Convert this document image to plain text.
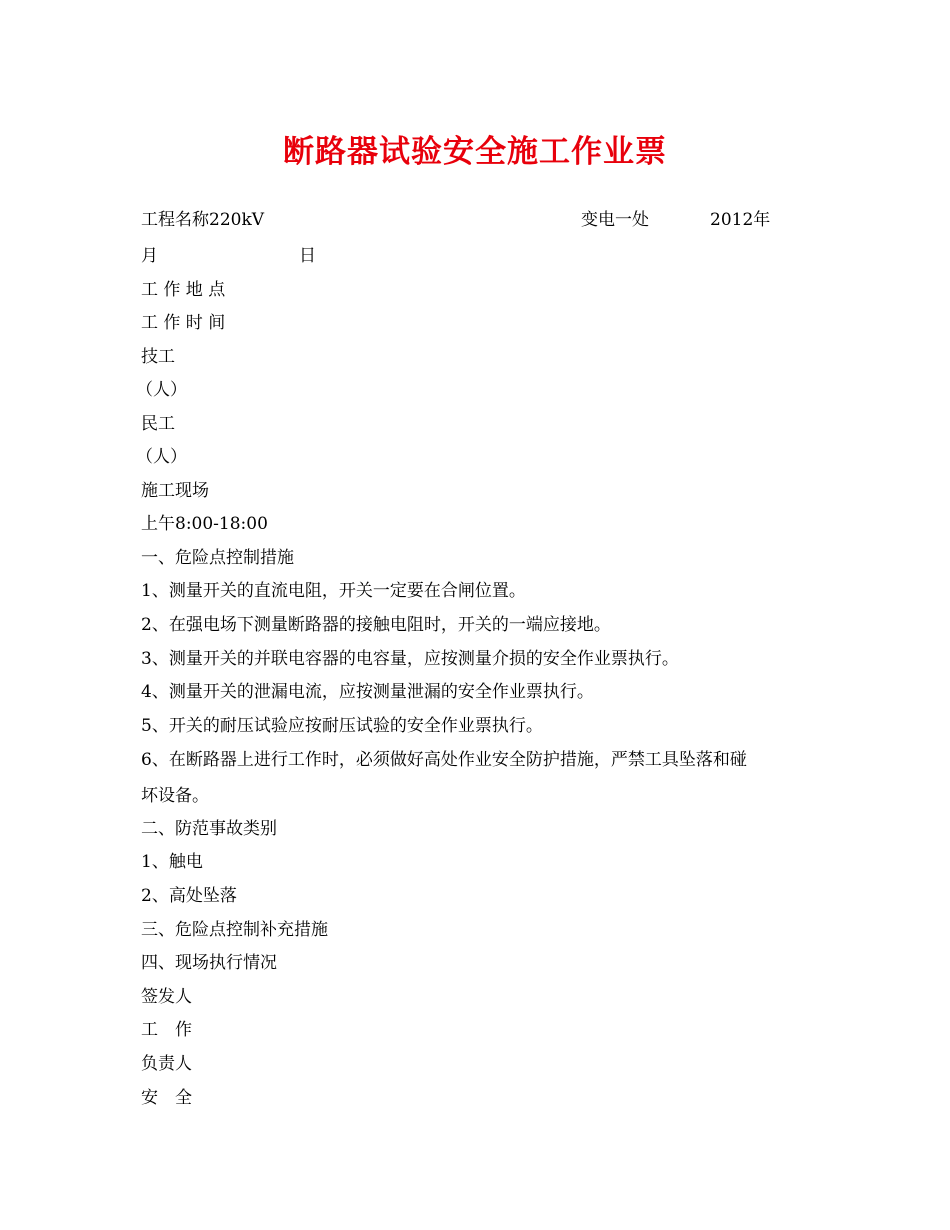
断路器试验安全施工作业票
工程名称220kV	变电一处	2012年
月	日
工 作 地 点
工 作 时 间
技工
（人）
民工
（人）
施工现场
上午8:00-18:00
一、危险点控制措施
1、测量开关的直流电阻，开关一定要在合闸位置。
2、在强电场下测量断路器的接触电阻时，开关的一端应接地。
3、测量开关的并联电容器的电容量，应按测量介损的安全作业票执行。
4、测量开关的泄漏电流，应按测量泄漏的安全作业票执行。
5、开关的耐压试验应按耐压试验的安全作业票执行。
6、在断路器上进行工作时，必须做好高处作业安全防护措施，严禁工具坠落和碰
坏设备。
二、防范事故类别
1、触电
2、高处坠落
三、危险点控制补充措施
四、现场执行情况
签发人
工　作
负责人
安　全
